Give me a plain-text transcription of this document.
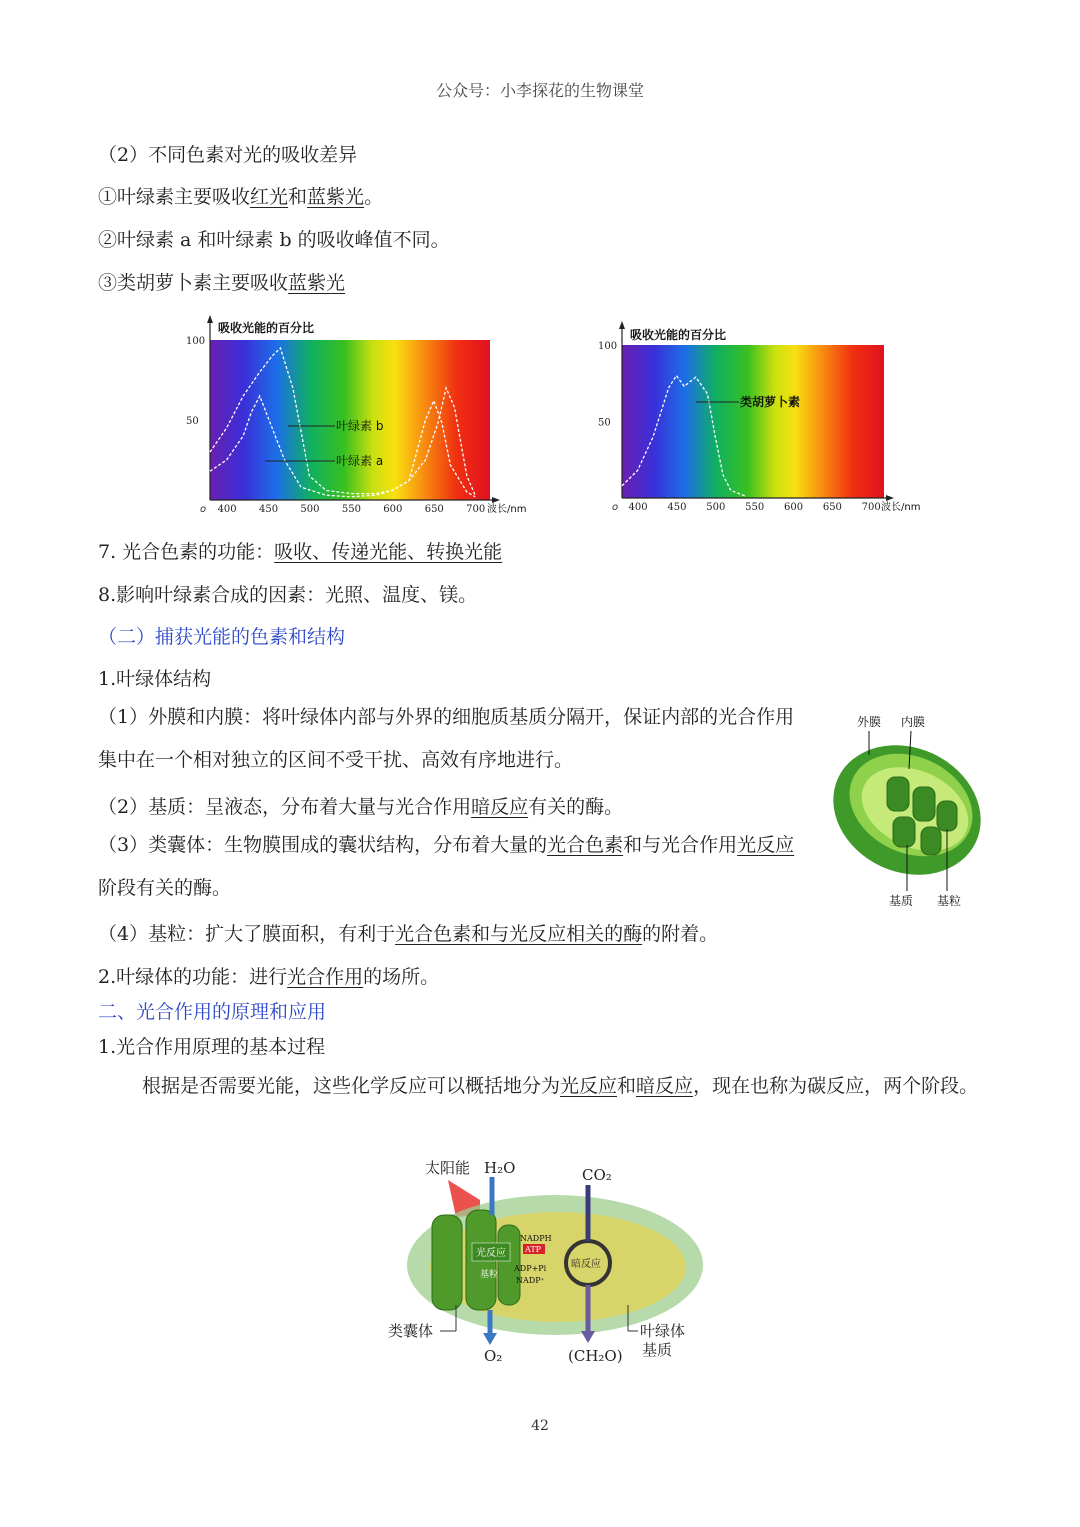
公众号：小李探花的生物课堂
（2）不同色素对光的吸收差异
①叶绿素主要吸收红光和蓝紫光。
②叶绿素 a 和叶绿素 b 的吸收峰值不同。
③类胡萝卜素主要吸收蓝紫光
吸收光能的百分比
100
50
400 450 500 550 600 650 700
o	波长/nm
叶绿素 b
叶绿素 a
吸收光能的百分比
100
50
400 450 500 550 600 650 700
o	波长/nm
类胡萝卜素
7. 光合色素的功能：吸收、传递光能、转换光能
8.影响叶绿素合成的因素：光照、温度、镁。
（二）捕获光能的色素和结构
1.叶绿体结构
（1）外膜和内膜：将叶绿体内部与外界的细胞质基质分隔开，保证内部的光合作用集中在一个相对独立的区间不受干扰、高效有序地进行。
（2）基质：呈液态，分布着大量与光合作用暗反应有关的酶。
（3）类囊体：生物膜围成的囊状结构，分布着大量的光合色素和与光合作用光反应阶段有关的酶。
（4）基粒：扩大了膜面积，有利于光合色素和与光反应相关的酶的附着。
2.叶绿体的功能：进行光合作用的场所。
二、光合作用的原理和应用
1.光合作用原理的基本过程
根据是否需要光能，这些化学反应可以概括地分为光反应和暗反应，现在也称为碳反应，两个阶段。
外膜 内膜
基质 基粒
太阳能 H₂O	CO₂
光反应
基粒
NADPH
ATP
ADP+Pi
NADP⁺
暗反应
类囊体
O₂	(CH₂O)
叶绿体
基质
42
